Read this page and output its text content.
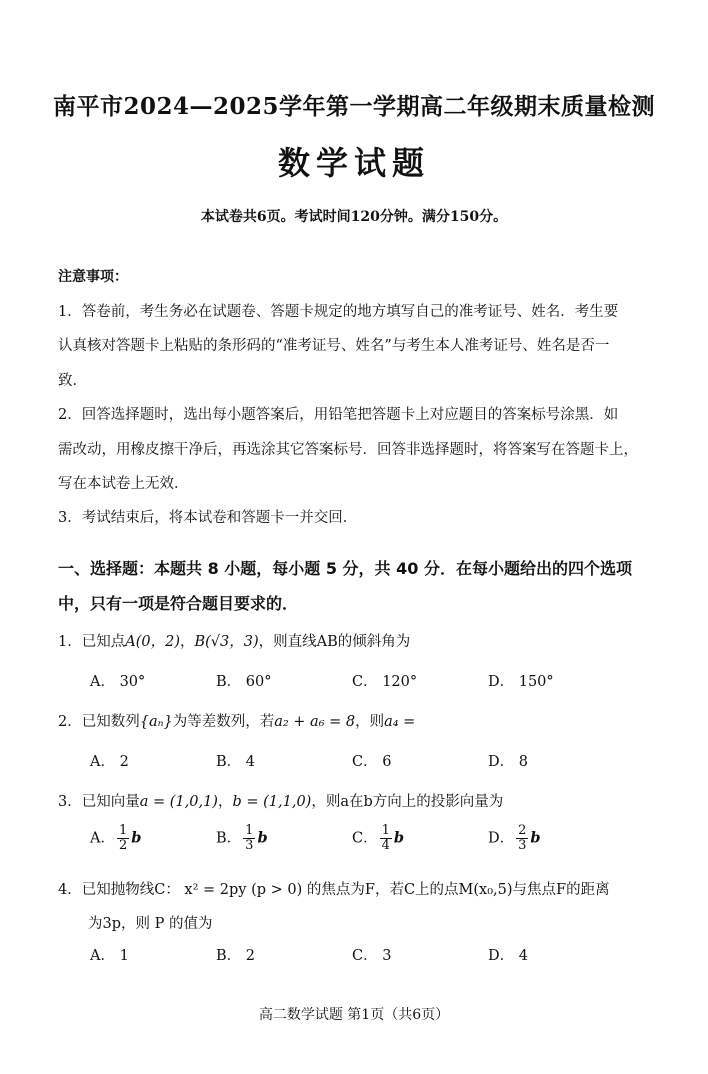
南平市2024—2025学年第一学期高二年级期末质量检测
数学试题
本试卷共6页。考试时间120分钟。满分150分。
注意事项：
1．答卷前，考生务必在试题卷、答题卡规定的地方填写自己的准考证号、姓名．考生要
认真核对答题卡上粘贴的条形码的“准考证号、姓名”与考生本人准考证号、姓名是否一
致．
2．回答选择题时，选出每小题答案后，用铅笔把答题卡上对应题目的答案标号涂黑．如
需改动，用橡皮擦干净后，再选涂其它答案标号．回答非选择题时，将答案写在答题卡上，
写在本试卷上无效．
3．考试结束后，将本试卷和答题卡一并交回．
一、选择题：本题共 8 小题，每小题 5 分，共 40 分．在每小题给出的四个选项
中，只有一项是符合题目要求的．
1．已知点A(0，2)，B(√3，3)，则直线AB的倾斜角为
A． 30°	B． 60°	C． 120°	D． 150°
2．已知数列{aₙ}为等差数列，若a₂ + a₆ = 8，则a₄ =
A． 2	B． 4	C． 6	D． 8
3．已知向量a = (1,0,1)，b = (1,1,0)，则a在b方向上的投影向量为
A． $\frac{1}{2}$ b	B． $\frac{1}{3}$ b	C． $\frac{1}{4}$ b	D． $\frac{2}{3}$ b
4．已知抛物线C： x² = 2py (p > 0) 的焦点为F，若C上的点M(x₀,5)与焦点F的距离
为3p，则 P 的值为
A． 1	B． 2	C． 3	D． 4
高二数学试题 第1页（共6页）
